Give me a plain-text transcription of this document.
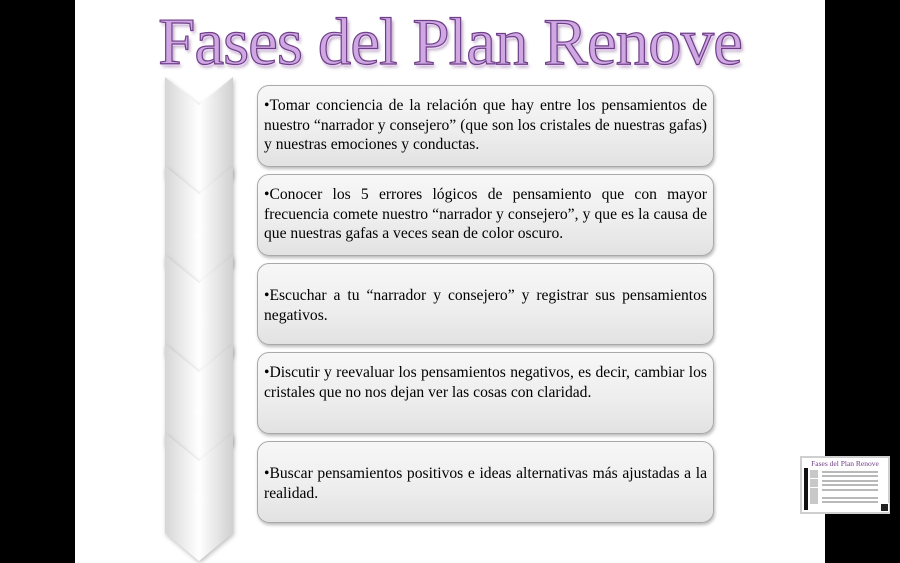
Fases del Plan Renove
1

•Tomar conciencia de la relación que hay entre los pensamientos de nuestro “narrador y consejero” (que son los cristales de nuestras gafas) y nuestras emociones y conductas.

2

•Conocer los 5 errores lógicos de pensamiento que con mayor frecuencia comete nuestro “narrador y consejero”, y que es la causa de que nuestras gafas a veces sean de color oscuro.

3

•Escuchar a tu “narrador y consejero” y registrar sus pensamientos negativos.

4

•Discutir y reevaluar los pensamientos negativos, es decir, cambiar los cristales que no nos dejan ver las cosas con claridad.

5

•Buscar pensamientos positivos e ideas alternativas más ajustadas a la realidad.

Fases del Plan Renove
